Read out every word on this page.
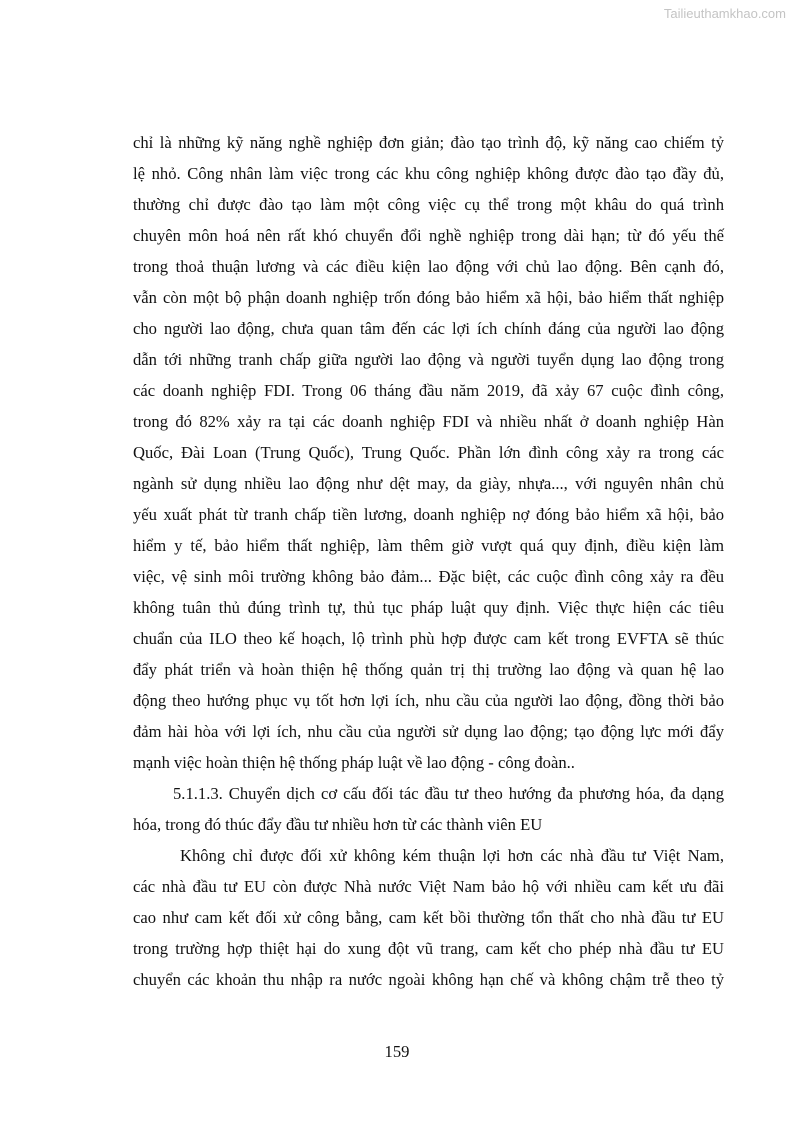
Tailieuthamkhao.com
chỉ là những kỹ năng nghề nghiệp đơn giản; đào tạo trình độ, kỹ năng cao chiếm tỷ
lệ nhỏ. Công nhân làm việc trong các khu công nghiệp không được đào tạo đầy đủ,
thường chỉ được đào tạo làm một công việc cụ thể trong một khâu do quá trình
chuyên môn hoá nên rất khó chuyển đổi nghề nghiệp trong dài hạn; từ đó yếu thế
trong thoả thuận lương và các điều kiện lao động với chủ lao động. Bên cạnh đó,
vẫn còn một bộ phận doanh nghiệp trốn đóng bảo hiểm xã hội, bảo hiểm thất nghiệp
cho người lao động, chưa quan tâm đến các lợi ích chính đáng của người lao động
dẫn tới những tranh chấp giữa người lao động và người tuyển dụng lao động trong
các doanh nghiệp FDI. Trong 06 tháng đầu năm 2019, đã xảy 67 cuộc đình công,
trong đó 82% xảy ra tại các doanh nghiệp FDI và nhiều nhất ở doanh nghiệp Hàn
Quốc, Đài Loan (Trung Quốc), Trung Quốc. Phần lớn đình công xảy ra trong các
ngành sử dụng nhiều lao động như dệt may, da giày, nhựa..., với nguyên nhân chủ
yếu xuất phát từ tranh chấp tiền lương, doanh nghiệp nợ đóng bảo hiểm xã hội, bảo
hiểm y tế, bảo hiểm thất nghiệp, làm thêm giờ vượt quá quy định, điều kiện làm
việc, vệ sinh môi trường không bảo đảm... Đặc biệt, các cuộc đình công xảy ra đều
không tuân thủ đúng trình tự, thủ tục pháp luật quy định. Việc thực hiện các tiêu
chuẩn của ILO theo kế hoạch, lộ trình phù hợp được cam kết trong EVFTA sẽ thúc
đẩy phát triển và hoàn thiện hệ thống quản trị thị trường lao động và quan hệ lao
động theo hướng phục vụ tốt hơn lợi ích, nhu cầu của người lao động, đồng thời bảo
đảm hài hòa với lợi ích, nhu cầu của người sử dụng lao động; tạo động lực mới đẩy
mạnh việc hoàn thiện hệ thống pháp luật về lao động - công đoàn..
5.1.1.3. Chuyển dịch cơ cấu đối tác đầu tư theo hướng đa phương hóa, đa dạng
hóa, trong đó thúc đẩy đầu tư nhiều hơn từ các thành viên EU
Không chỉ được đối xử không kém thuận lợi hơn các nhà đầu tư Việt Nam,
các nhà đầu tư EU còn được Nhà nước Việt Nam bảo hộ với nhiều cam kết ưu đãi
cao như cam kết đối xử công bằng, cam kết bồi thường tổn thất cho nhà đầu tư EU
trong trường hợp thiệt hại do xung đột vũ trang, cam kết cho phép nhà đầu tư EU
chuyển các khoản thu nhập ra nước ngoài không hạn chế và không chậm trễ theo tỷ
159
